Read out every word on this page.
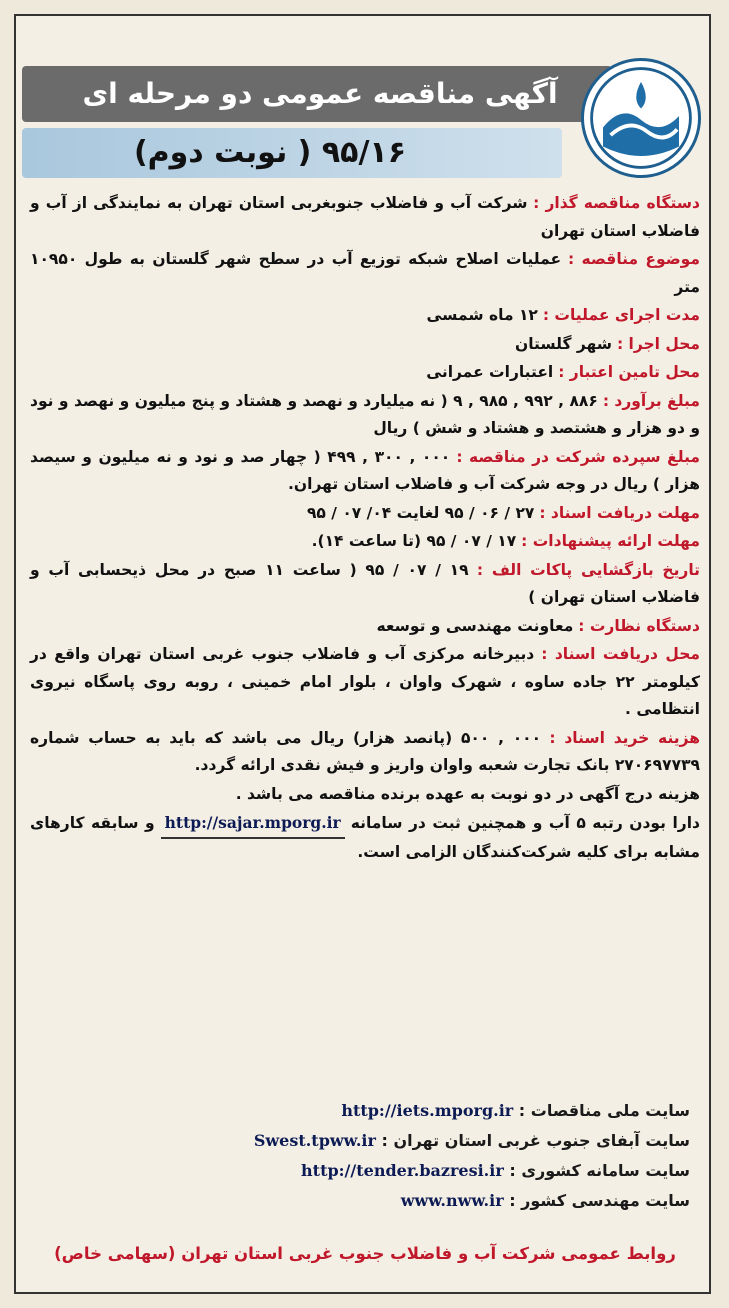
آگهی مناقصه عمومی دو مرحله ای
۹۵/۱۶ ( نوبت دوم)

دستگاه مناقصه گذار : شرکت آب و فاضلاب جنوبغربی استان تهران به نمایندگی از آب و فاضلاب استان تهران

موضوع مناقصه : عملیات اصلاح شبکه توزیع آب در سطح شهر گلستان به طول ۱۰۹۵۰ متر

مدت اجرای عملیات : ۱۲ ماه شمسی

محل اجرا : شهر گلستان

محل تامین اعتبار : اعتبارات عمرانی

مبلغ برآورد : ۸۸۶ , ۹۹۲ , ۹۸۵ , ۹ ( نه میلیارد و نهصد و هشتاد و پنج میلیون و نهصد و نود و دو هزار و هشتصد و هشتاد و شش ) ریال

مبلغ سپرده شرکت در مناقصه : ۰۰۰ , ۳۰۰ , ۴۹۹ ( چهار صد و نود و نه میلیون و سیصد هزار ) ریال در وجه شرکت آب و فاضلاب استان تهران.

مهلت دریافت اسناد : ۲۷ / ۰۶ / ۹۵ لغایت ۰۴/ ۰۷ / ۹۵

مهلت ارائه پیشنهادات : ۱۷ / ۰۷ / ۹۵ (تا ساعت ۱۴).

تاریخ بازگشایی پاکات الف : ۱۹ / ۰۷ / ۹۵ ( ساعت ۱۱ صبح در محل ذیحسابی آب و فاضلاب استان تهران )

دستگاه نظارت : معاونت مهندسی و توسعه

محل دریافت اسناد : دبیرخانه مرکزی آب و فاضلاب جنوب غربی استان تهران واقع در کیلومتر ۲۲ جاده ساوه ، شهرک واوان ، بلوار امام خمینی ، روبه روی پاسگاه نیروی انتظامی .

هزینه خرید اسناد : ۰۰۰ , ۵۰۰ (پانصد هزار) ریال می باشد که باید به حساب شماره ۲۷۰۶۹۷۷۳۹ بانک تجارت شعبه واوان واریز و فیش نقدی ارائه گردد.

هزینه درج آگهی در دو نوبت به عهده برنده مناقصه می باشد .

دارا بودن رتبه ۵ آب و همچنین ثبت در سامانه http://sajar.mporg.ir و سابقه کارهای مشابه برای کلیه شرکت‌کنندگان الزامی است.

سایت ملی مناقصات : http://iets.mporg.ir
سایت آبفای جنوب غربی استان تهران : Swest.tpww.ir
سایت سامانه کشوری : http://tender.bazresi.ir
سایت مهندسی کشور : www.nww.ir
روابط عمومی شرکت آب و فاضلاب جنوب غربی استان تهران (سهامی خاص)
